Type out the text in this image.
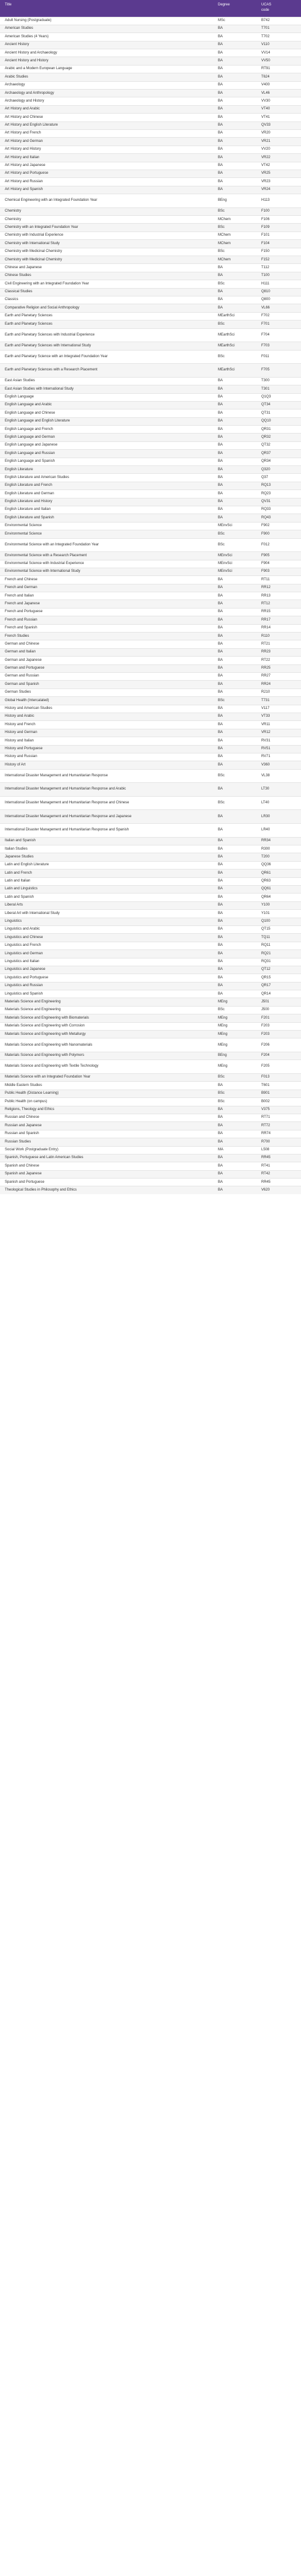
Title	Degree	UCAS
code

Adult Nursing (Postgraduate)	MSc	B742
American Studies	BA	T701
American Studies (4 Years)	BA	T702
Ancient History	BA	V110
Ancient History and Archaeology	BA	VV14
Ancient History and History	BA	VV50
Arabic and a Modern European Language	BA	RT91
Arabic Studies	BA	T624
Archaeology	BA	V400
Archaeology and Anthropology	BA	VL46
Archaeology and History	BA	VV30
Art History and Arabic	BA	VT40
Art History and Chinese	BA	VT41
Art History and English Literature	BA	QV33
Art History and French	BA	VR20
Art History and German	BA	VR21
Art History and History	BA	VV20
Art History and Italian	BA	VR22
Art History and Japanese	BA	VT42
Art History and Portuguese	BA	VR25
Art History and Russian	BA	VR23
Art History and Spanish	BA	VR24
Chemical Engineering with an Integrated Foundation Year	BEng	H113
Chemistry	BSc	F100
Chemistry	MChem	F106
Chemistry with an Integrated Foundation Year	BSc	F109
Chemistry with Industrial Experience	MChem	F101
Chemistry with International Study	MChem	F104
Chemistry with Medicinal Chemistry	BSc	F150
Chemistry with Medicinal Chemistry	MChem	F152
Chinese and Japanese	BA	T112
Chinese Studies	BA	T100
Civil Engineering with an Integrated Foundation Year	BSc	H111
Classical Studies	BA	Q810
Classics	BA	Q800
Comparative Religion and Social Anthropology	BA	VL66
Earth and Planetary Sciences	MEarthSci	F702
Earth and Planetary Sciences	BSc	F701
Earth and Planetary Sciences with Industrial Experience	MEarthSci	F704
Earth and Planetary Sciences with International Study	MEarthSci	F703
Earth and Planetary Science with an Integrated Foundation Year	BSc	F011
Earth and Planetary Sciences with a Research Placement	MEarthSci	F705
East Asian Studies	BA	T300
East Asian Studies with International Study	BA	T301
English Language	BA	Q1Q3
English Language and Arabic	BA	QT34
English Language and Chinese	BA	QT31
English Language and English Literature	BA	QQ10
English Language and French	BA	QR31
English Language and German	BA	QR32
English Language and Japanese	BA	QT32
English Language and Russian	BA	QR37
English Language and Spanish	BA	QR34
English Literature	BA	Q320
English Literature and American Studies	BA	Q37
English Literature and French	BA	RQ13
English Literature and German	BA	RQ23
English Literature and History	BA	QV31
English Literature and Italian	BA	RQ33
English Literature and Spanish	BA	RQ43
Environmental Science	MEnvSci	F902
Environmental Science	BSc	F900
Environmental Science with an Integrated Foundation Year	BSc	F012
Environmental Science with a Research Placement	MEnvSci	F905
Environmental Science with Industrial Experience	MEnvSci	F904
Environmental Science with International Study	MEnvSci	F903
French and Chinese	BA	RT11
French and German	BA	RR12
French and Italian	BA	RR13
French and Japanese	BA	RT12
French and Portuguese	BA	RR15
French and Russian	BA	RR17
French and Spanish	BA	RR14
French Studies	BA	R110
German and Chinese	BA	RT21
German and Italian	BA	RR23
German and Japanese	BA	RT22
German and Portuguese	BA	RR25
German and Russian	BA	RR27
German and Spanish	BA	RR24
German Studies	BA	R210
Global Health (Intercalated)	BSc	T731
History and American Studies	BA	V117
History and Arabic	BA	VT33
History and French	BA	VR11
History and German	BA	VR12
History and Italian	BA	RV31
History and Portuguese	BA	RV51
History and Russian	BA	RV71
History of Art	BA	V360
International Disaster Management and Humanitarian Response	BSc	VL38
International Disaster Management and Humanitarian Response and Arabic	BA	LT30
International Disaster Management and Humanitarian Response and Chinese	BSc	LT40
International Disaster Management and Humanitarian Response and Japanese	BA	LR30
International Disaster Management and Humanitarian Response and Spanish	BA	LR40
Italian and Spanish	BA	RR34
Italian Studies	BA	R300
Japanese Studies	BA	T200
Latin and English Literature	BA	QQ36
Latin and French	BA	QR61
Latin and Italian	BA	QR63
Latin and Linguistics	BA	QQ61
Latin and Spanish	BA	QR64
Liberal Arts	BA	Y100
Liberal Art with International Study	BA	Y101
Linguistics	BA	Q100
Linguistics and Arabic	BA	QT15
Linguistics and Chinese	BA	TQ11
Linguistics and French	BA	RQ11
Linguistics and German	BA	RQ21
Linguistics and Italian	BA	RQ31
Linguistics and Japanese	BA	QT12
Linguistics and Portuguese	BA	QR15
Linguistics and Russian	BA	QR17
Linguistics and Spanish	BA	QR14
Materials Science and Engineering	MEng	J501
Materials Science and Engineering	BSc	J500
Materials Science and Engineering with Biomaterials	MEng	F201
Materials Science and Engineering with Corrosion	MEng	F203
Materials Science and Engineering with Metallurgy	MEng	F203
Materials Science and Engineering with Nanomaterials	MEng	F206
Materials Science and Engineering with Polymers	BEng	F204
Materials Science and Engineering with Textile Technology	MEng	F205
Materials Science with an Integrated Foundation Year	BSc	F013
Middle Eastern Studies	BA	T601
Public Health (Distance Learning)	BSc	B901
Public Health (on campus)	BSc	B002
Religions, Theology and Ethics	BA	V375
Russian and Chinese	BA	RT71
Russian and Japanese	BA	RT72
Russian and Spanish	BA	RR74
Russian Studies	BA	R700
Social Work (Postgraduate Entry)	MA	L508
Spanish, Portuguese and Latin American Studies	BA	RR45
Spanish and Chinese	BA	RT41
Spanish and Japanese	BA	RT42
Spanish and Portuguese	BA	RR45
Theological Studies in Philosophy and Ethics	BA	V620
